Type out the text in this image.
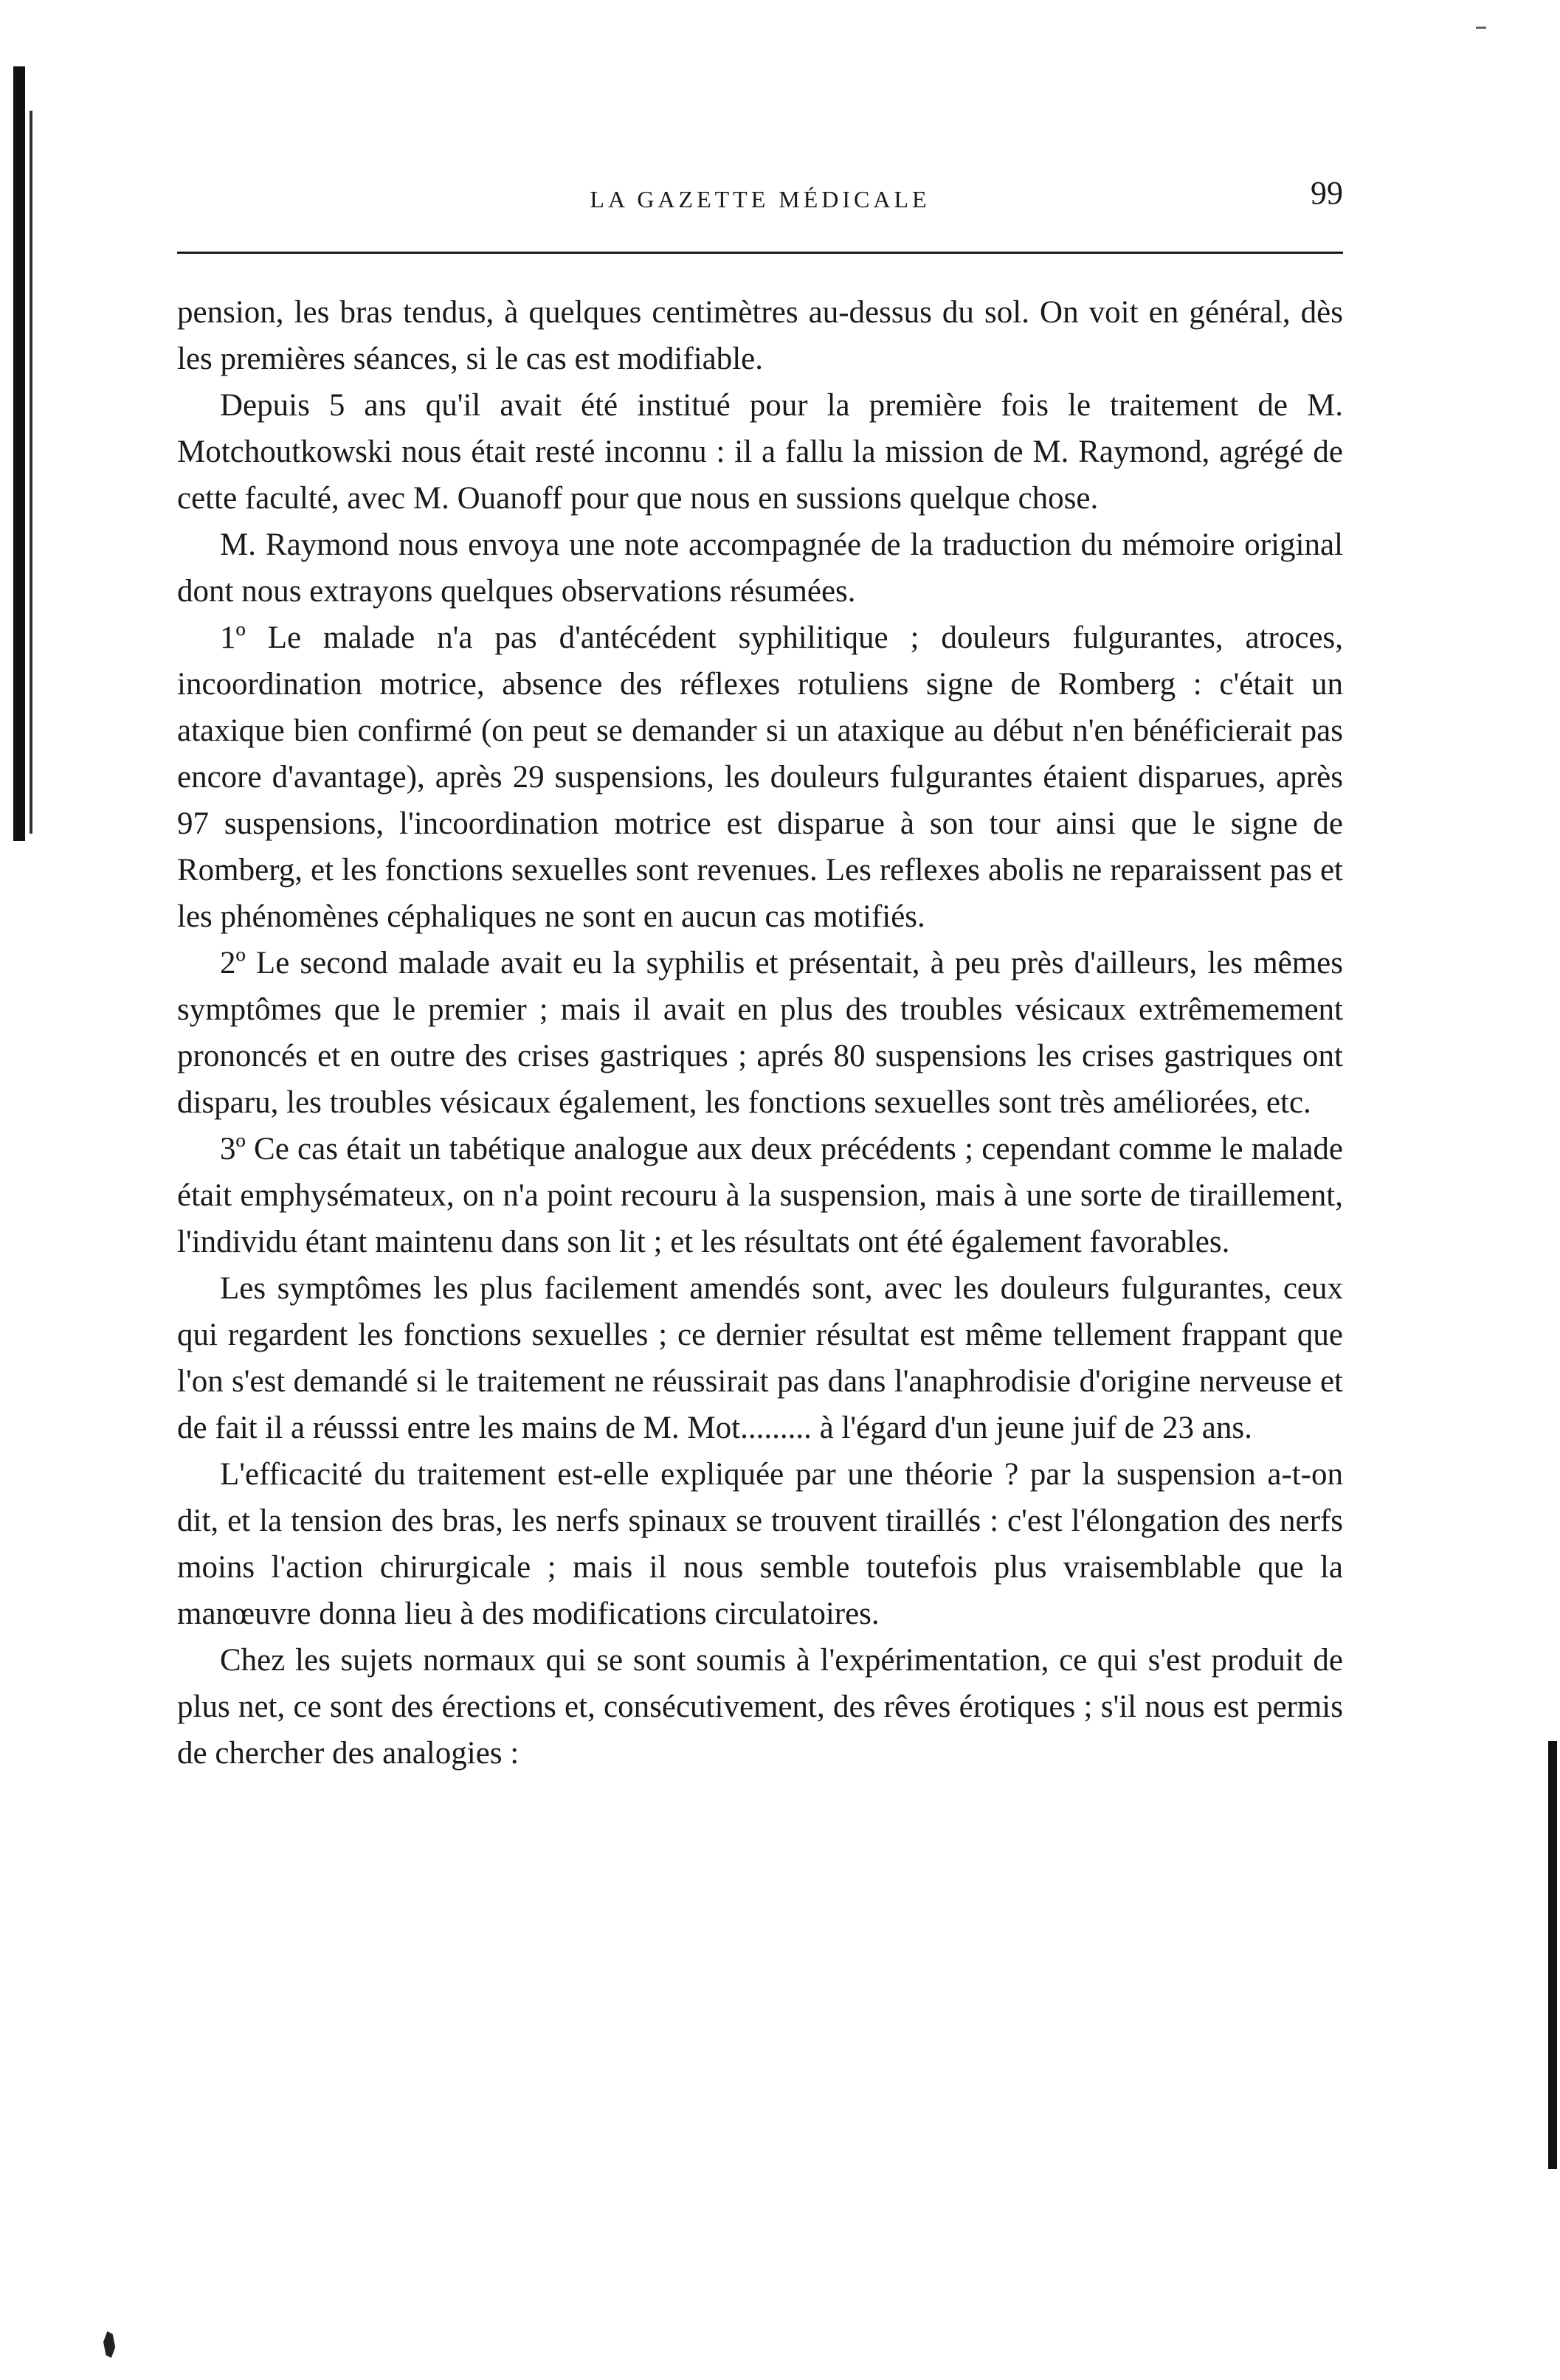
LA GAZETTE MÉDICALE	99

pension, les bras tendus, à quelques centimètres au-dessus du sol. On voit en général, dès les premières séances, si le cas est modifiable.

Depuis 5 ans qu'il avait été institué pour la première fois le traitement de M. Motchoutkowski nous était resté inconnu : il a fallu la mission de M. Raymond, agrégé de cette faculté, avec M. Ouanoff pour que nous en sussions quelque chose.

M. Raymond nous envoya une note accompagnée de la traduction du mémoire original dont nous extrayons quelques observations résumées.

1º Le malade n'a pas d'antécédent syphilitique ; douleurs fulgurantes, atroces, incoordination motrice, absence des réflexes rotuliens signe de Romberg : c'était un ataxique bien confirmé (on peut se demander si un ataxique au début n'en bénéficierait pas encore d'avantage), après 29 suspensions, les douleurs fulgurantes étaient disparues, après 97 suspensions, l'incoordination motrice est disparue à son tour ainsi que le signe de Romberg, et les fonctions sexuelles sont revenues. Les reflexes abolis ne reparaissent pas et les phénomènes céphaliques ne sont en aucun cas motifiés.

2º Le second malade avait eu la syphilis et présentait, à peu près d'ailleurs, les mêmes symptômes que le premier ; mais il avait en plus des troubles vésicaux extrêmemement prononcés et en outre des crises gastriques ; aprés 80 suspensions les crises gastriques ont disparu, les troubles vésicaux également, les fonctions sexuelles sont très améliorées, etc.

3º Ce cas était un tabétique analogue aux deux précédents ; cependant comme le malade était emphysémateux, on n'a point recouru à la suspension, mais à une sorte de tiraillement, l'individu étant maintenu dans son lit ; et les résultats ont été également favorables.

Les symptômes les plus facilement amendés sont, avec les douleurs fulgurantes, ceux qui regardent les fonctions sexuelles ; ce dernier résultat est même tellement frappant que l'on s'est demandé si le traitement ne réussirait pas dans l'anaphrodisie d'origine nerveuse et de fait il a réusssi entre les mains de M. Mot......... à l'égard d'un jeune juif de 23 ans.

L'efficacité du traitement est-elle expliquée par une théorie ? par la suspension a-t-on dit, et la tension des bras, les nerfs spinaux se trouvent tiraillés : c'est l'élongation des nerfs moins l'action chirurgicale ; mais il nous semble toutefois plus vraisemblable que la manœuvre donna lieu à des modifications circulatoires.

Chez les sujets normaux qui se sont soumis à l'expérimentation, ce qui s'est produit de plus net, ce sont des érections et, consécutivement, des rêves érotiques ; s'il nous est permis de chercher des analogies :
